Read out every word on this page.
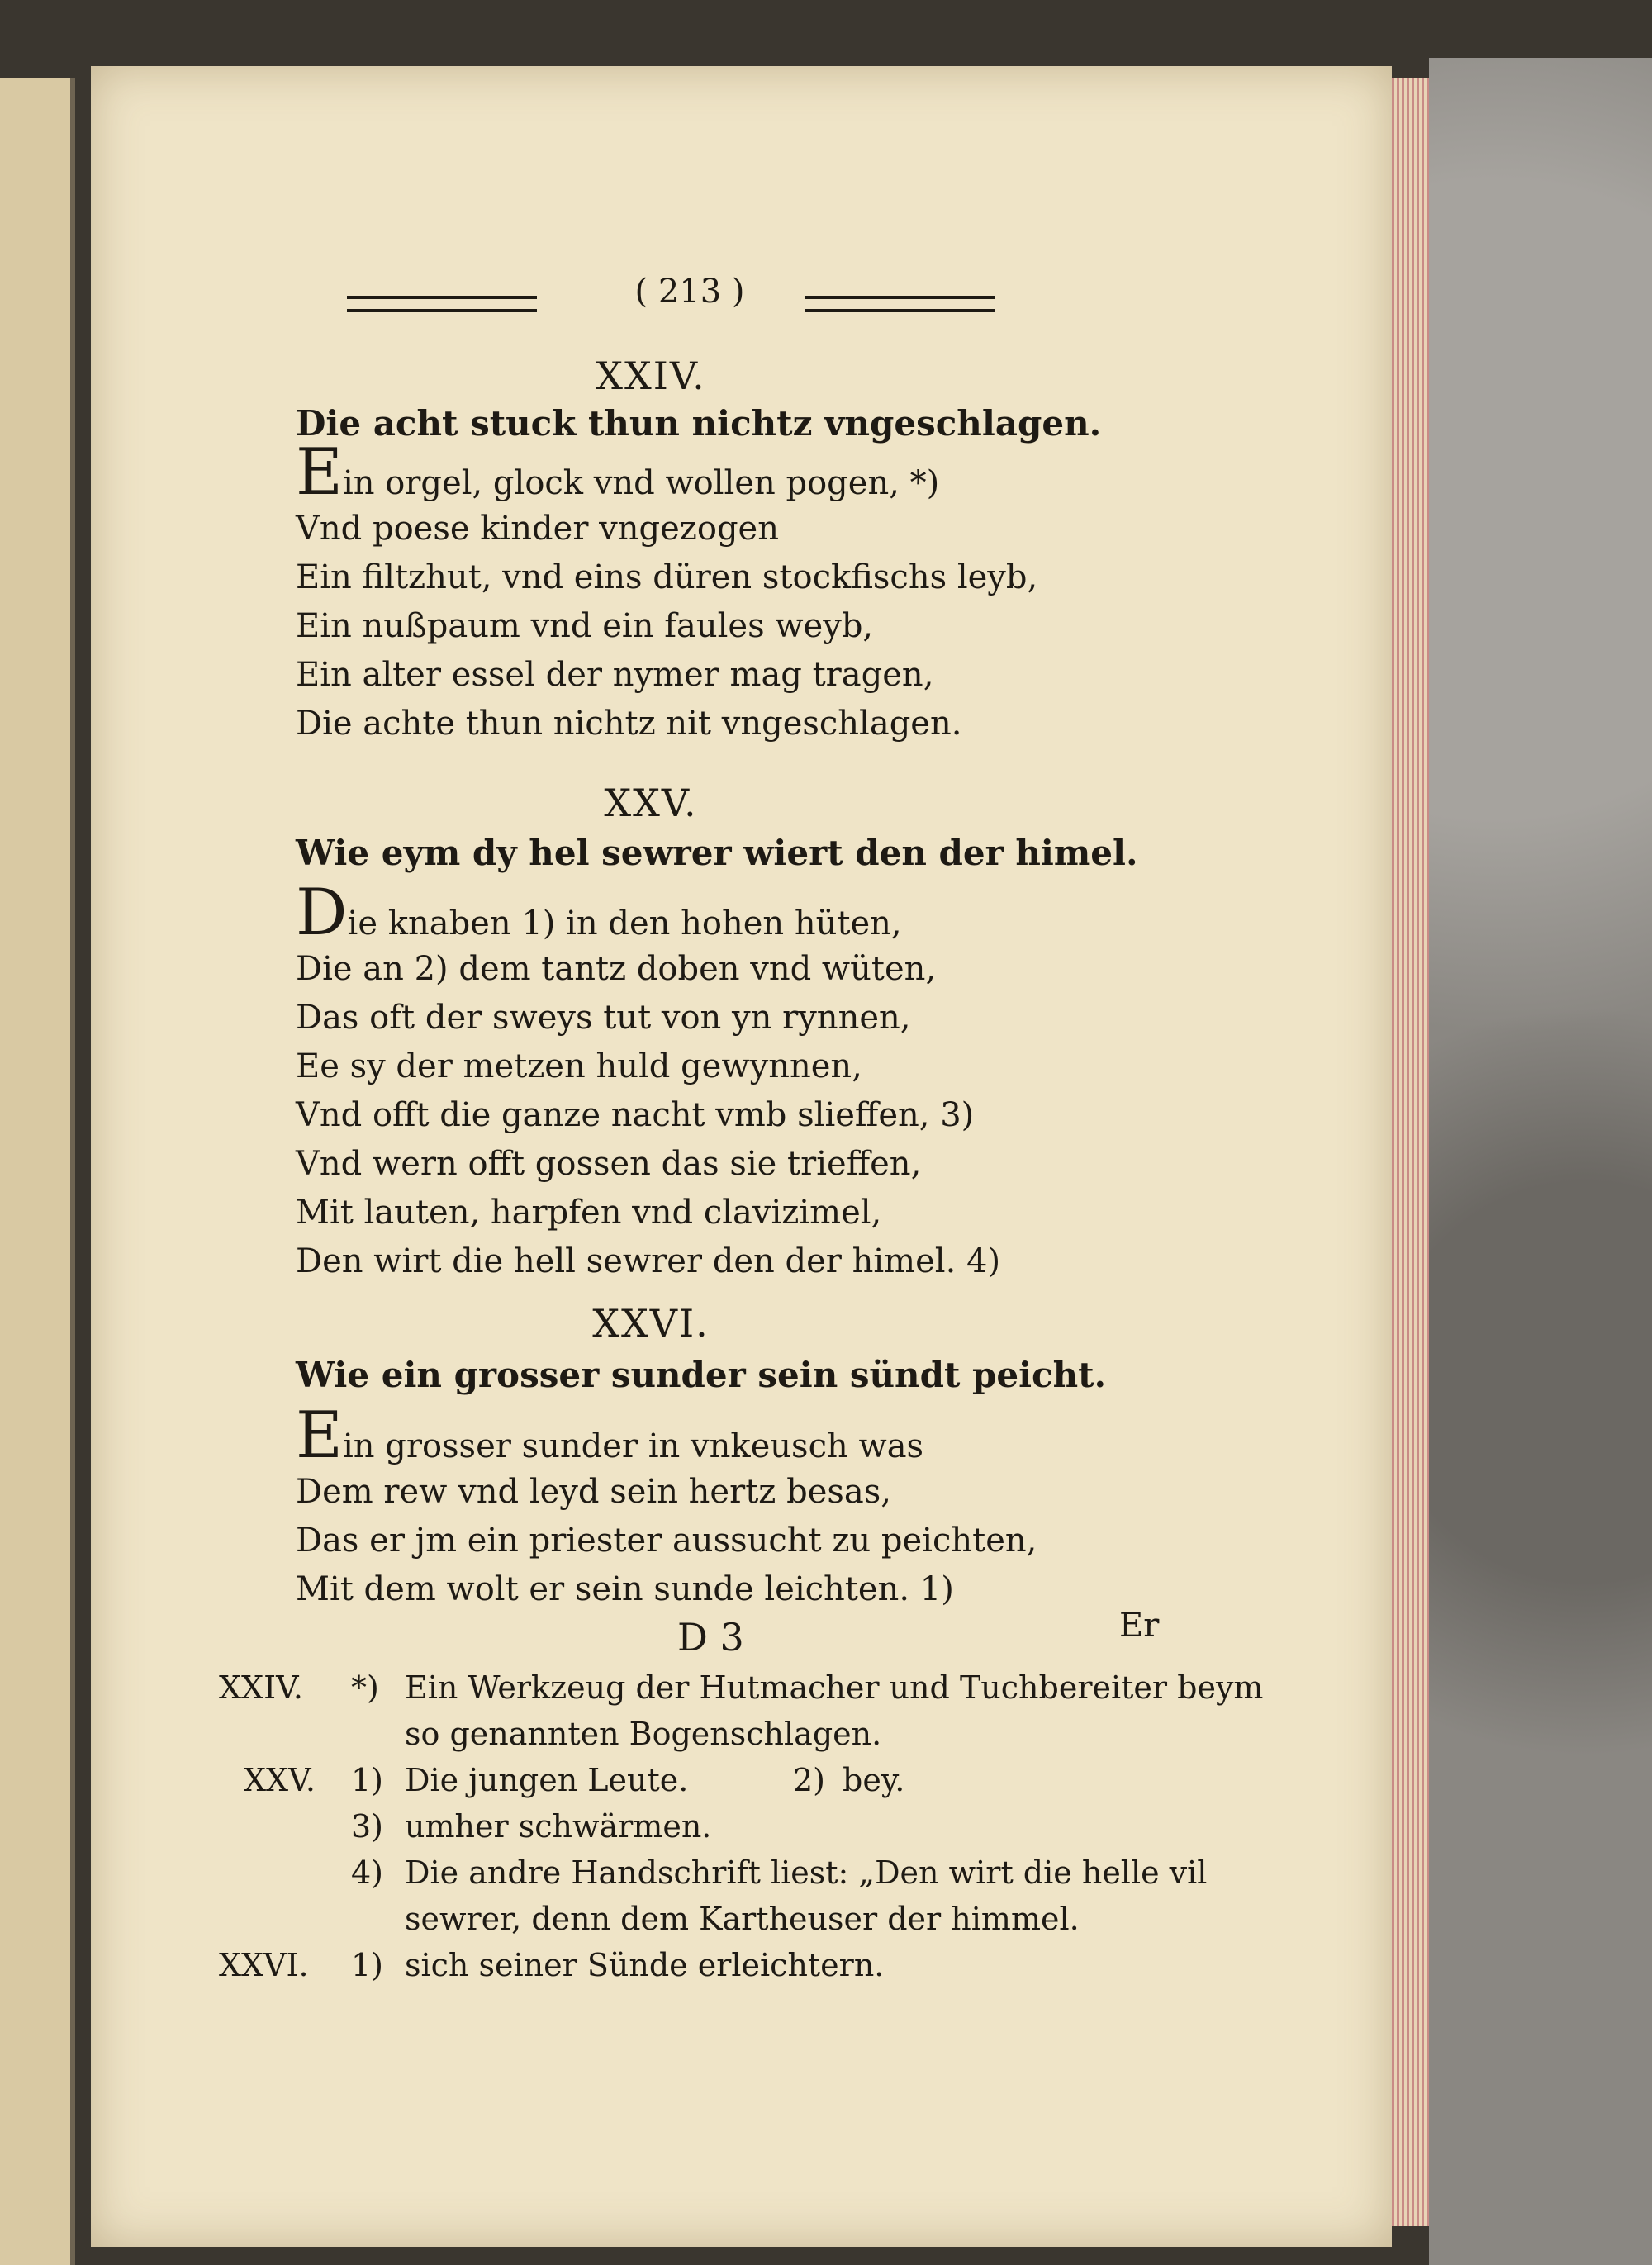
( 213 )
XXIV.
Die acht stuck thun nichtz vngeschlagen.
Ein orgel, glock vnd wollen pogen, *)
Vnd poese kinder vngezogen
Ein filtzhut, vnd eins düren stockfischs leyb,
Ein nußpaum vnd ein faules weyb,
Ein alter essel der nymer mag tragen,
Die achte thun nichtz nit vngeschlagen.
XXV.
Wie eym dy hel sewrer wiert den der himel.
Die knaben 1) in den hohen hüten,
Die an 2) dem tantz doben vnd wüten,
Das oft der sweys tut von yn rynnen,
Ee sy der metzen huld gewynnen,
Vnd offt die ganze nacht vmb slieffen, 3)
Vnd wern offt gossen das sie trieffen,
Mit lauten, harpfen vnd clavizimel,
Den wirt die hell sewrer den der himel. 4)
XXVI.
Wie ein grosser sunder sein sündt peicht.
Ein grosser sunder in vnkeusch was
Dem rew vnd leyd sein hertz besas,
Das er jm ein priester aussucht zu peichten,
Mit dem wolt er sein sunde leichten. 1)
D 3	Er
XXIV. *) Ein Werkzeug der Hutmacher und Tuchbereiter beym
so genannten Bogenschlagen.
XXV. 1) Die jungen Leute.	2) bey.
3) umher schwärmen.
4) Die andre Handschrift liest: „Den wirt die helle vil
sewrer, denn dem Kartheuser der himmel.
XXVI. 1) sich seiner Sünde erleichtern.
